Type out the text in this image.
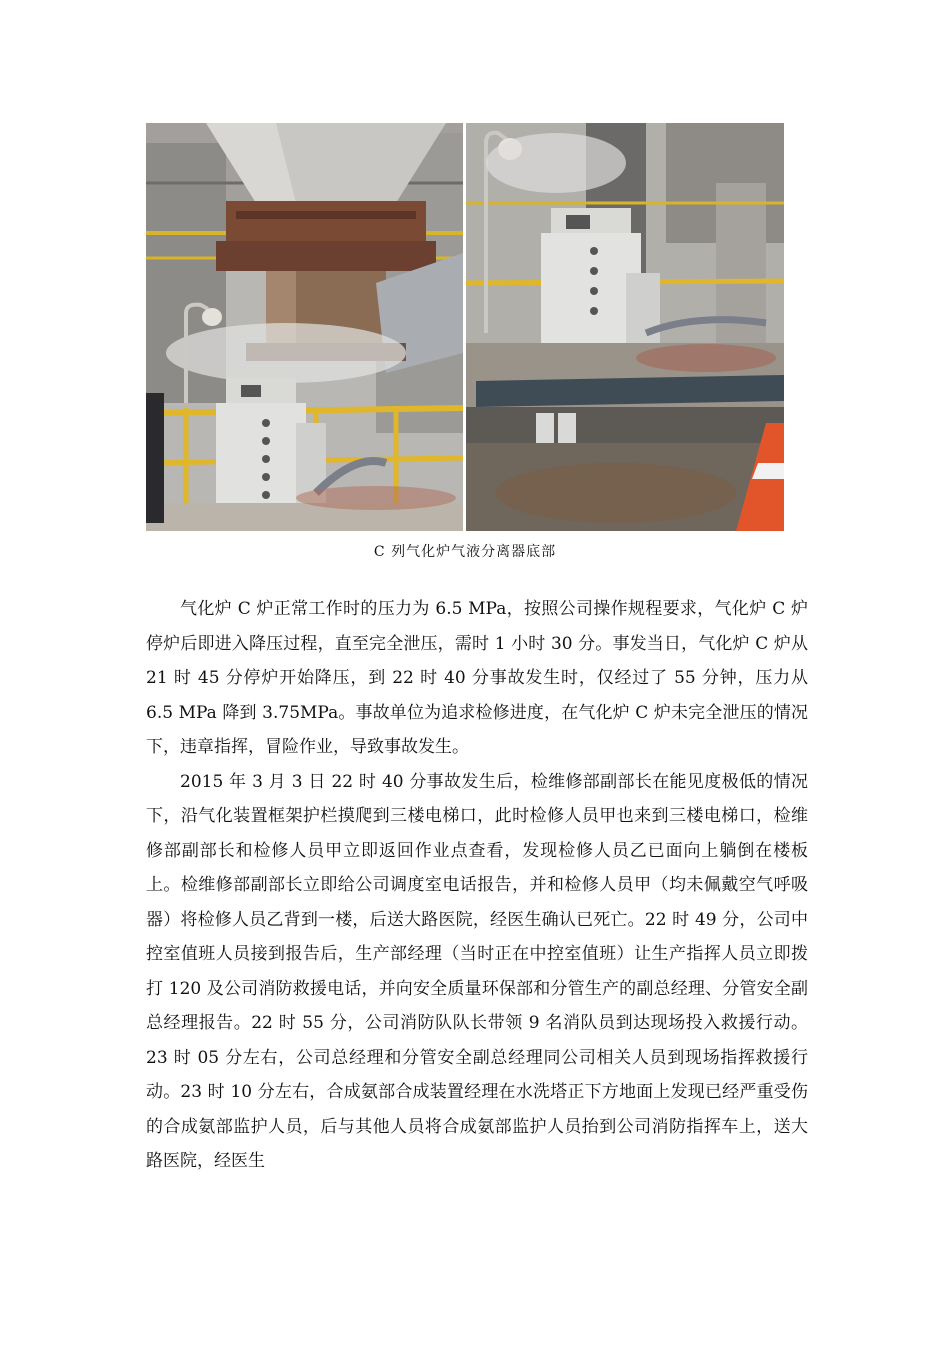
C 列气化炉气液分离器底部

气化炉 C 炉正常工作时的压力为 6.5 MPa，按照公司操作规程要求，气化炉 C 炉停炉后即进入降压过程，直至完全泄压，需时 1 小时 30 分。事发当日，气化炉 C 炉从 21 时 45 分停炉开始降压，到 22 时 40 分事故发生时，仅经过了 55 分钟，压力从 6.5 MPa 降到 3.75MPa。事故单位为追求检修进度，在气化炉 C 炉未完全泄压的情况下，违章指挥，冒险作业，导致事故发生。

2015 年 3 月 3 日 22 时 40 分事故发生后，检维修部副部长在能见度极低的情况下，沿气化装置框架护栏摸爬到三楼电梯口，此时检修人员甲也来到三楼电梯口，检维修部副部长和检修人员甲立即返回作业点查看，发现检修人员乙已面向上躺倒在楼板上。检维修部副部长立即给公司调度室电话报告，并和检修人员甲（均未佩戴空气呼吸器）将检修人员乙背到一楼，后送大路医院，经医生确认已死亡。22 时 49 分，公司中控室值班人员接到报告后，生产部经理（当时正在中控室值班）让生产指挥人员立即拨打 120 及公司消防救援电话，并向安全质量环保部和分管生产的副总经理、分管安全副总经理报告。22 时 55 分，公司消防队队长带领 9 名消队员到达现场投入救援行动。23 时 05 分左右，公司总经理和分管安全副总经理同公司相关人员到现场指挥救援行动。23 时 10 分左右，合成氨部合成装置经理在水洗塔正下方地面上发现已经严重受伤的合成氨部监护人员，后与其他人员将合成氨部监护人员抬到公司消防指挥车上，送大路医院，经医生
